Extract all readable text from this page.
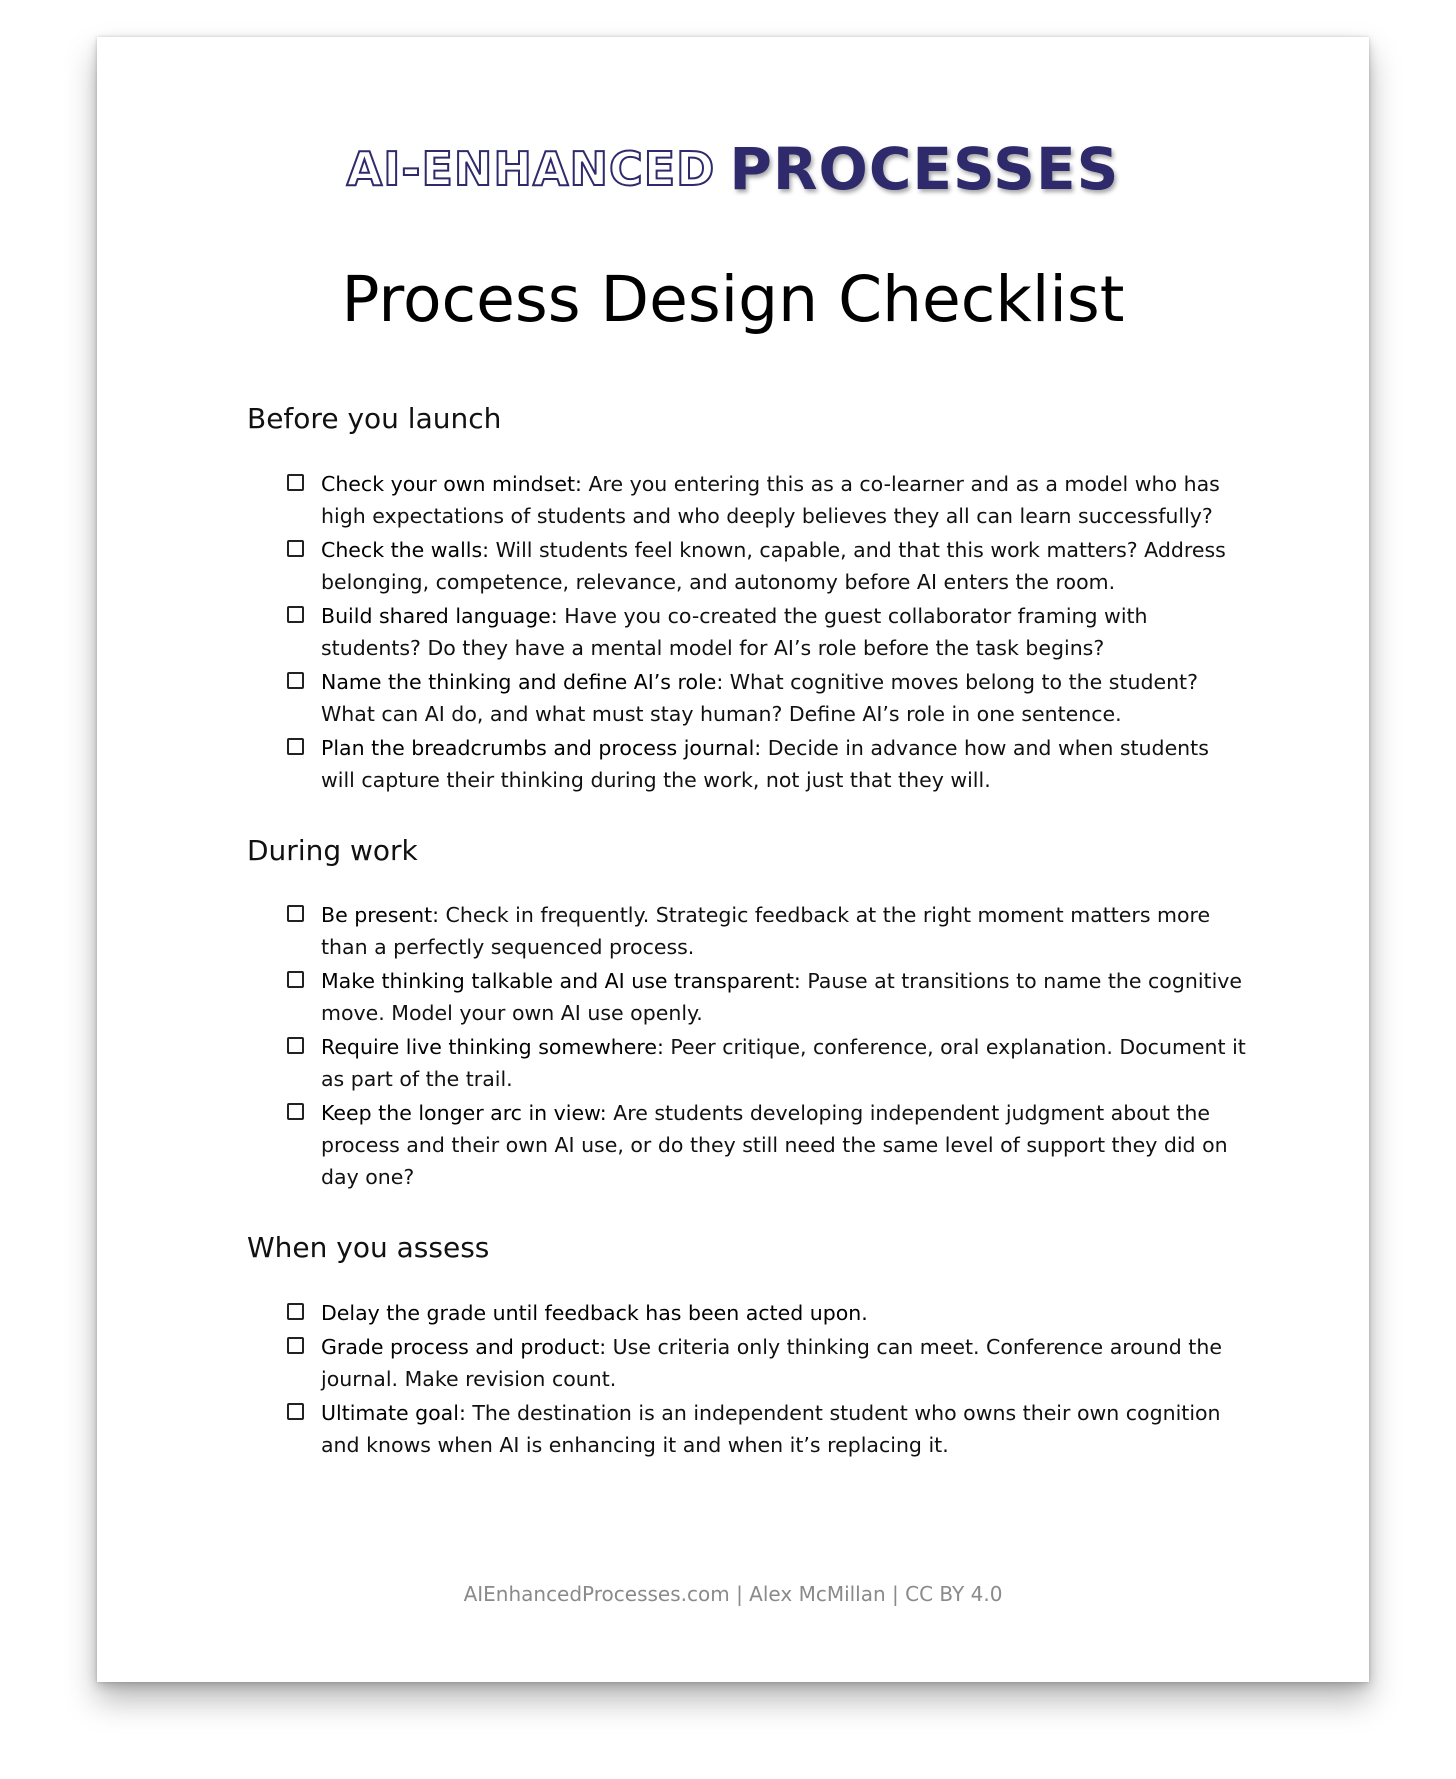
AI-ENHANCED PROCESSES
Process Design Checklist
Before you launch
Check your own mindset: Are you entering this as a co-learner and as a model who has high expectations of students and who deeply believes they all can learn successfully?
Check the walls: Will students feel known, capable, and that this work matters? Address belonging, competence, relevance, and autonomy before AI enters the room.
Build shared language: Have you co-created the guest collaborator framing with students? Do they have a mental model for AI’s role before the task begins?
Name the thinking and define AI’s role: What cognitive moves belong to the student? What can AI do, and what must stay human? Define AI’s role in one sentence.
Plan the breadcrumbs and process journal: Decide in advance how and when students will capture their thinking during the work, not just that they will.
During work
Be present: Check in frequently. Strategic feedback at the right moment matters more than a perfectly sequenced process.
Make thinking talkable and AI use transparent: Pause at transitions to name the cognitive move. Model your own AI use openly.
Require live thinking somewhere: Peer critique, conference, oral explanation. Document it as part of the trail.
Keep the longer arc in view: Are students developing independent judgment about the process and their own AI use, or do they still need the same level of support they did on day one?
When you assess
Delay the grade until feedback has been acted upon.
Grade process and product: Use criteria only thinking can meet. Conference around the journal. Make revision count.
Ultimate goal: The destination is an independent student who owns their own cognition and knows when AI is enhancing it and when it’s replacing it.
AIEnhancedProcesses.com | Alex McMillan | CC BY 4.0
